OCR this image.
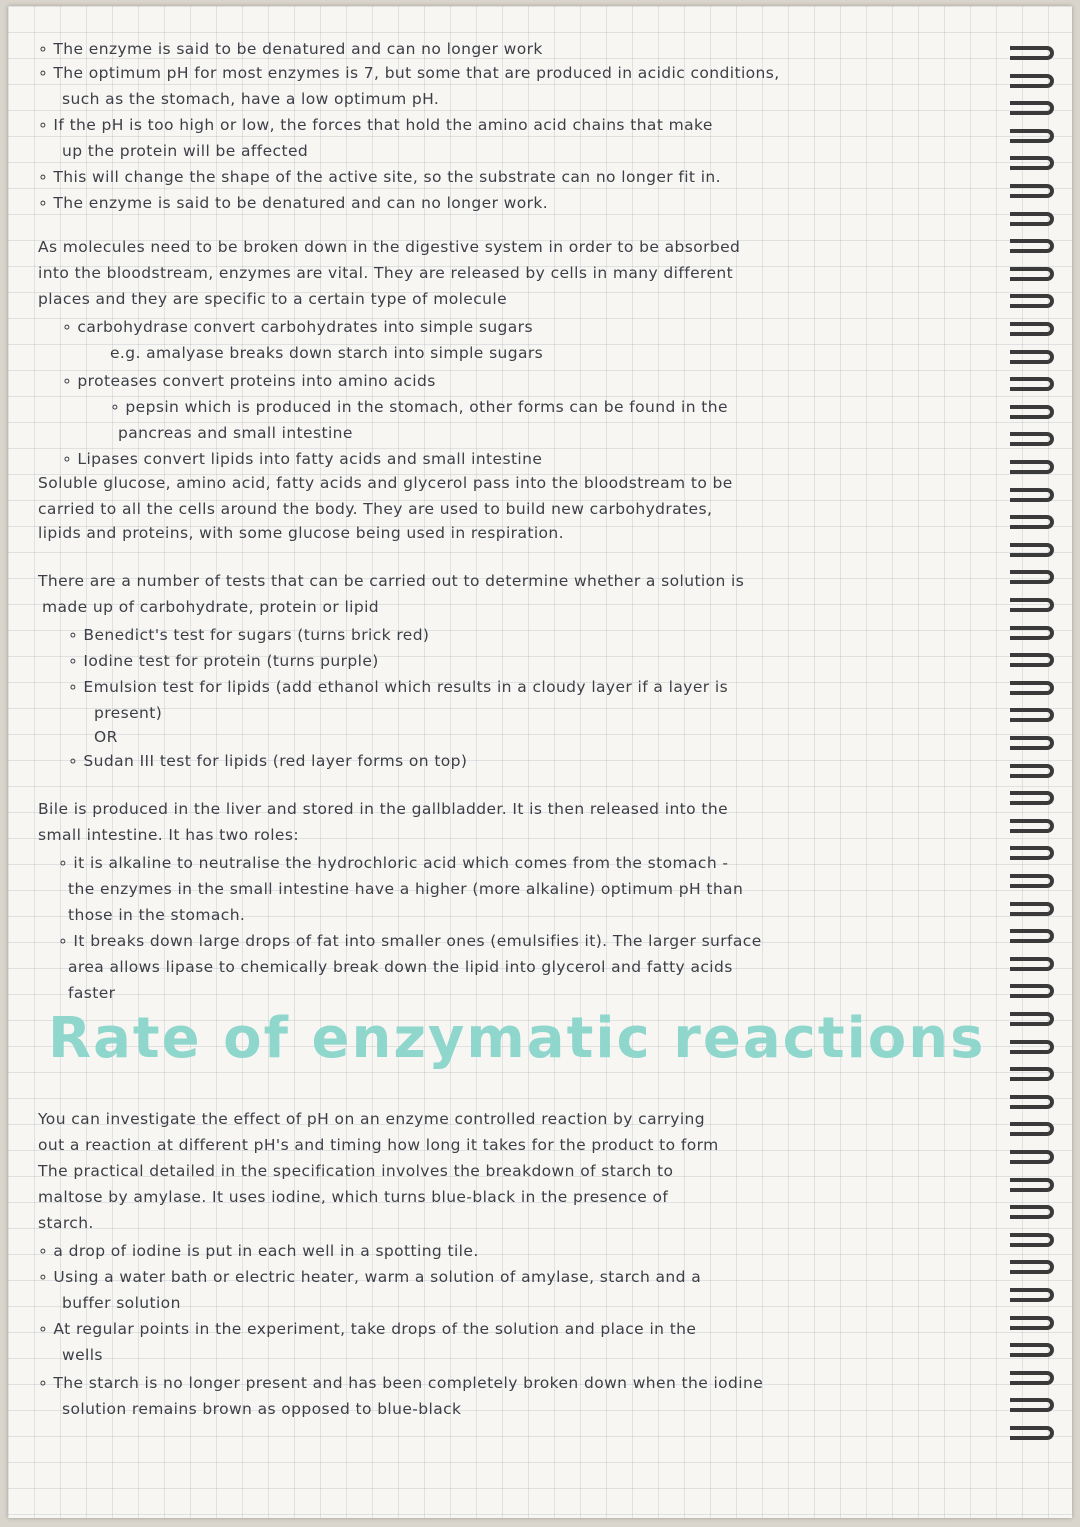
∘ The enzyme is said to be denatured and can no longer work
∘ The optimum pH for most enzymes is 7, but some that are produced in acidic conditions,
such as the stomach, have a low optimum pH.
∘ If the pH is too high or low, the forces that hold the amino acid chains that make
up the protein will be affected
∘ This will change the shape of the active site, so the substrate can no longer fit in.
∘ The enzyme is said to be denatured and can no longer work.
As molecules need to be broken down in the digestive system in order to be absorbed
into the bloodstream, enzymes are vital. They are released by cells in many different
places and they are specific to a certain type of molecule
∘ carbohydrase convert carbohydrates into simple sugars
e.g. amalyase breaks down starch into simple sugars
∘ proteases convert proteins into amino acids
∘ pepsin which is produced in the stomach, other forms can be found in the
pancreas and small intestine
∘ Lipases convert lipids into fatty acids and small intestine
Soluble glucose, amino acid, fatty acids and glycerol pass into the bloodstream to be
carried to all the cells around the body. They are used to build new carbohydrates,
lipids and proteins, with some glucose being used in respiration.
There are a number of tests that can be carried out to determine whether a solution is
made up of carbohydrate, protein or lipid
∘ Benedict's test for sugars (turns brick red)
∘ Iodine test for protein (turns purple)
∘ Emulsion test for lipids (add ethanol which results in a cloudy layer if a layer is
present)
OR
∘ Sudan III test for lipids (red layer forms on top)
Bile is produced in the liver and stored in the gallbladder. It is then released into the
small intestine. It has two roles:
∘ it is alkaline to neutralise the hydrochloric acid which comes from the stomach -
the enzymes in the small intestine have a higher (more alkaline) optimum pH than
those in the stomach.
∘ It breaks down large drops of fat into smaller ones (emulsifies it). The larger surface
area allows lipase to chemically break down the lipid into glycerol and fatty acids
faster
You can investigate the effect of pH on an enzyme controlled reaction by carrying
out a reaction at different pH's and timing how long it takes for the product to form
The practical detailed in the specification involves the breakdown of starch to
maltose by amylase. It uses iodine, which turns blue-black in the presence of
starch.
∘ a drop of iodine is put in each well in a spotting tile.
∘ Using a water bath or electric heater, warm a solution of amylase, starch and a
buffer solution
∘ At regular points in the experiment, take drops of the solution and place in the
wells
∘ The starch is no longer present and has been completely broken down when the iodine
solution remains brown as opposed to blue-black
Rate of enzymatic reactions
